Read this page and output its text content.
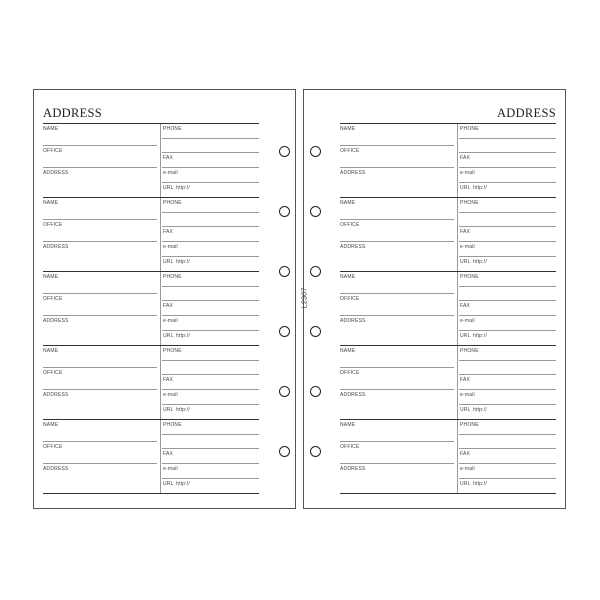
ADDRESS	ADDRESS
L2307
NAME
OFFICE
ADDRESS
PHONE
FAX
e-mail
URL http://
NAME
OFFICE
ADDRESS
PHONE
FAX
e-mail
URL http://
NAME
OFFICE
ADDRESS
PHONE
FAX
e-mail
URL http://
NAME
OFFICE
ADDRESS
PHONE
FAX
e-mail
URL http://
NAME
OFFICE
ADDRESS
PHONE
FAX
e-mail
URL http://
NAME
OFFICE
ADDRESS
PHONE
FAX
e-mail
URL http://
NAME
OFFICE
ADDRESS
PHONE
FAX
e-mail
URL http://
NAME
OFFICE
ADDRESS
PHONE
FAX
e-mail
URL http://
NAME
OFFICE
ADDRESS
PHONE
FAX
e-mail
URL http://
NAME
OFFICE
ADDRESS
PHONE
FAX
e-mail
URL http://
